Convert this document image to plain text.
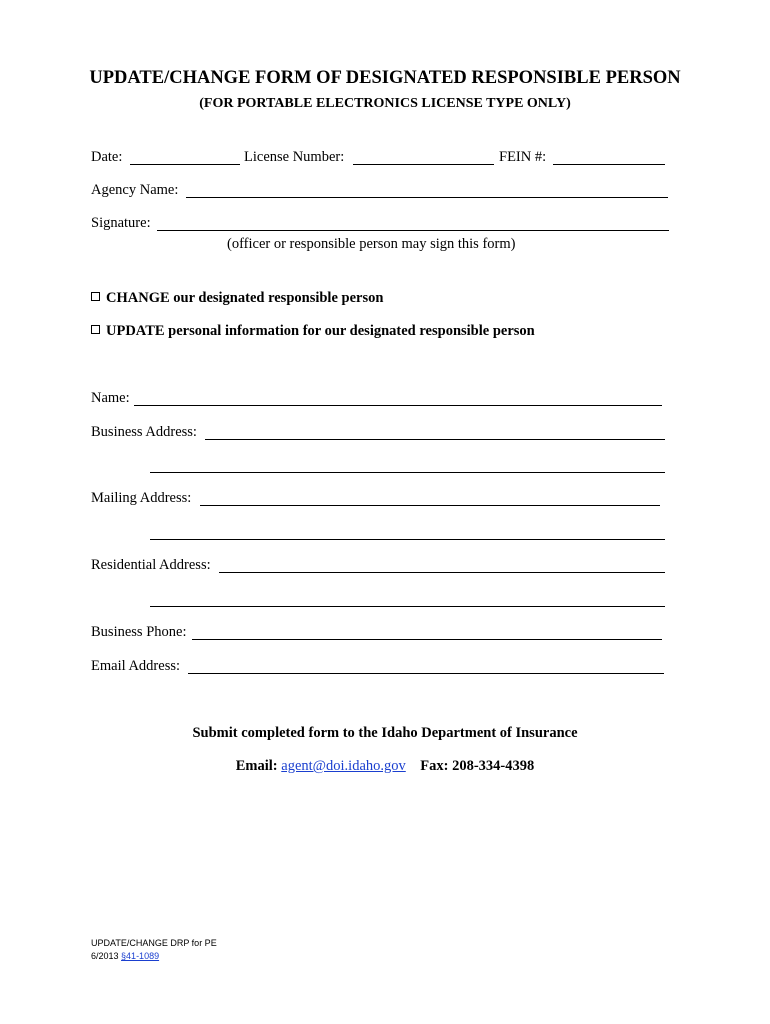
UPDATE/CHANGE FORM OF DESIGNATED RESPONSIBLE PERSON
(FOR PORTABLE ELECTRONICS LICENSE TYPE ONLY)
Date:	License Number:	FEIN #:
Agency Name:
Signature:
(officer or responsible person may sign this form)
CHANGE our designated responsible person
UPDATE personal information for our designated responsible person
Name:
Business Address:
Mailing Address:
Residential Address:
Business Phone:
Email Address:
Submit completed form to the Idaho Department of Insurance
Email: agent@doi.idaho.gov Fax: 208-334-4398
UPDATE/CHANGE DRP for PE
6/2013 §41-1089
